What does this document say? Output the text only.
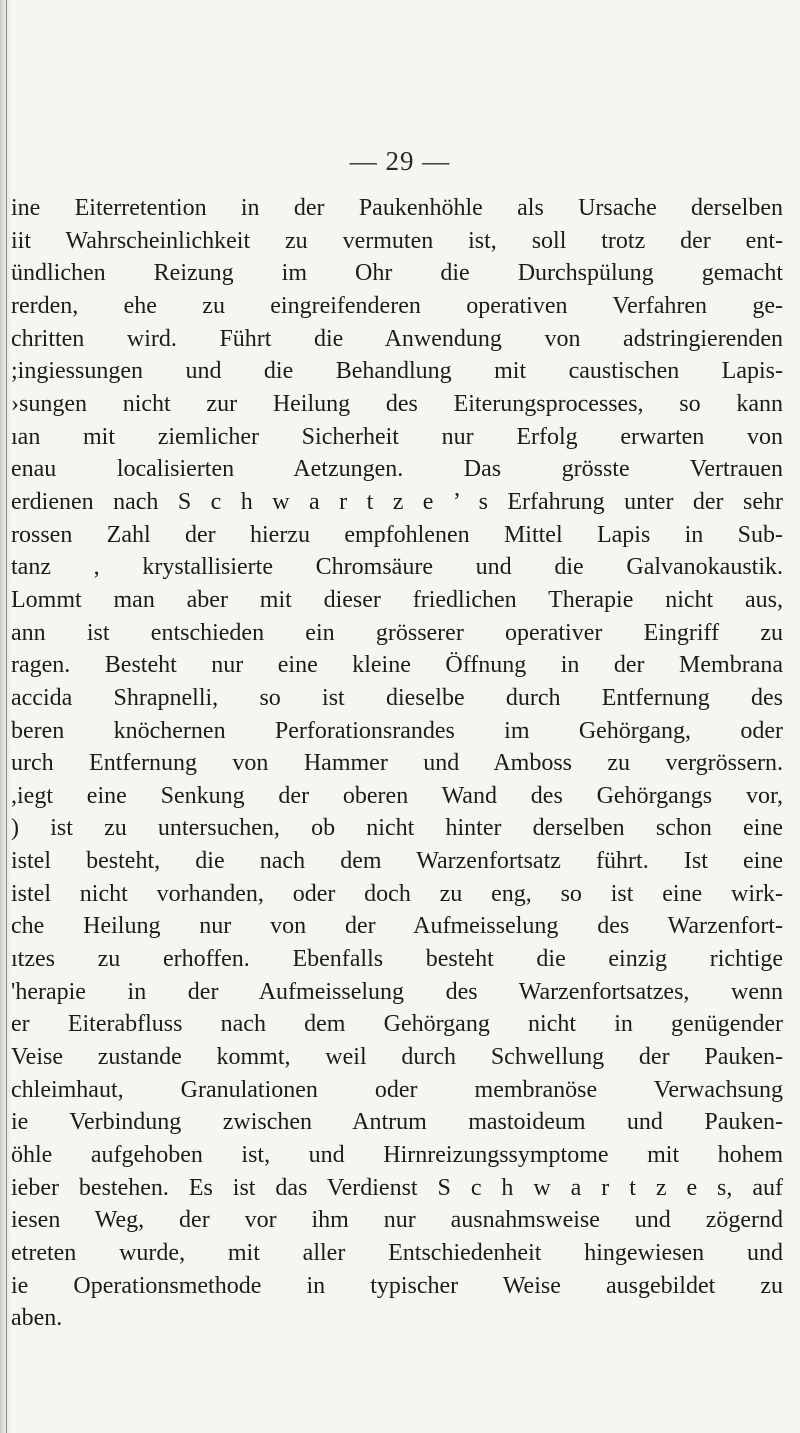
— 29 —
ine Eiterretention in der Paukenhöhle als Ursache derselben
iit Wahrscheinlichkeit zu vermuten ist, soll trotz der ent-
ündlichen Reizung im Ohr die Durchspülung gemacht
rerden, ehe zu eingreifenderen operativen Verfahren ge-
chritten wird. Führt die Anwendung von adstringierenden
;ingiessungen und die Behandlung mit caustischen Lapis-
›sungen nicht zur Heilung des Eiterungsprocesses, so kann
ıan mit ziemlicher Sicherheit nur Erfolg erwarten von
enau localisierten Aetzungen. Das grösste Vertrauen
erdienen nach S c h w a r t z e ’ s Erfahrung unter der sehr
rossen Zahl der hierzu empfohlenen Mittel Lapis in Sub-
tanz , krystallisierte Chromsäure und die Galvanokaustik.
Lommt man aber mit dieser friedlichen Therapie nicht aus,
ann ist entschieden ein grösserer operativer Eingriff zu
ragen. Besteht nur eine kleine Öffnung in der Membrana
accida Shrapnelli, so ist dieselbe durch Entfernung des
beren knöchernen Perforationsrandes im Gehörgang, oder
urch Entfernung von Hammer und Amboss zu vergrössern.
,iegt eine Senkung der oberen Wand des Gehörgangs vor,
) ist zu untersuchen, ob nicht hinter derselben schon eine
istel besteht, die nach dem Warzenfortsatz führt. Ist eine
istel nicht vorhanden, oder doch zu eng, so ist eine wirk-
che Heilung nur von der Aufmeisselung des Warzenfort-
ıtzes zu erhoffen. Ebenfalls besteht die einzig richtige
'herapie in der Aufmeisselung des Warzenfortsatzes, wenn
er Eiterabfluss nach dem Gehörgang nicht in genügender
Veise zustande kommt, weil durch Schwellung der Pauken-
chleimhaut, Granulationen oder membranöse Verwachsung
ie Verbindung zwischen Antrum mastoideum und Pauken-
öhle aufgehoben ist, und Hirnreizungssymptome mit hohem
ieber bestehen. Es ist das Verdienst S c h w a r t z e s, auf
iesen Weg, der vor ihm nur ausnahmsweise und zögernd
etreten wurde, mit aller Entschiedenheit hingewiesen und
ie Operationsmethode in typischer Weise ausgebildet zu
aben.
